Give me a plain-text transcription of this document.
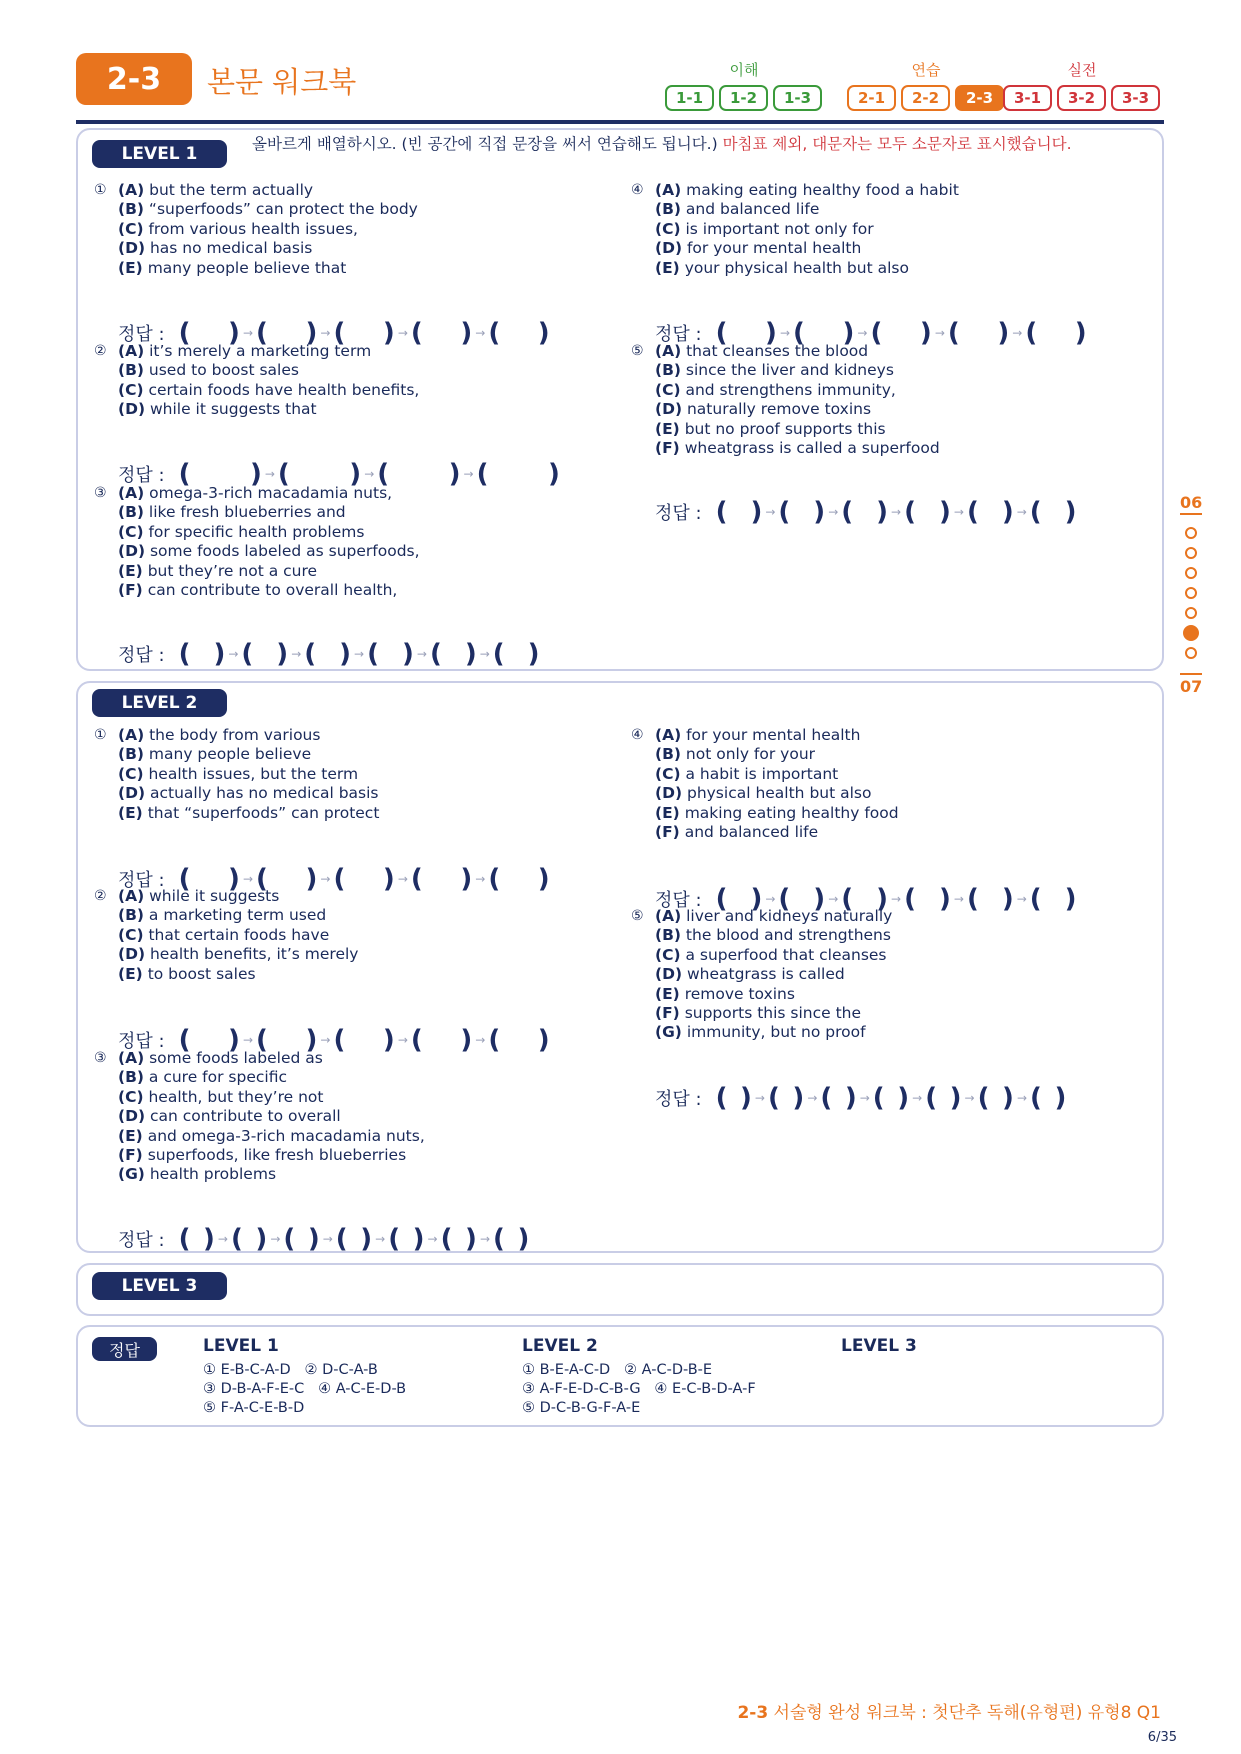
2-3	본문 워크북	이해
1-1	1-2	1-3
연습
2-1	2-2	2-3
실전
3-1	3-2	3-3
LEVEL 1	올바르게 배열하시오. (빈 공간에 직접 문장을 써서 연습해도 됩니다.) 마침표 제외, 대문자는 모두 소문자로 표시했습니다.
LEVEL 2
LEVEL 3
정답	LEVEL 1
① E-B-C-A-D   ② D-C-A-B
③ D-B-A-F-E-C   ④ A-C-E-D-B
⑤ F-A-C-E-B-D
LEVEL 2
① B-E-A-C-D   ② A-C-D-B-E
③ A-F-E-D-C-B-G   ④ E-C-B-D-A-F
⑤ D-C-B-G-F-A-E
LEVEL 3
① (A) but the term actually
(B) “superfoods” can protect the body
(C) from various health issues,
(D) has no medical basis
(E) many people believe that
정답 : ( ) → ( ) → ( ) → ( ) → ( )
② (A) it’s merely a marketing term
(B) used to boost sales
(C) certain foods have health benefits,
(D) while it suggests that
정답 : ( ) → ( ) → ( ) → ( )
③ (A) omega-3-rich macadamia nuts,
(B) like fresh blueberries and
(C) for specific health problems
(D) some foods labeled as superfoods,
(E) but they’re not a cure
(F) can contribute to overall health,
정답 : ( ) → ( ) → ( ) → ( ) → ( ) → ( )
④ (A) making eating healthy food a habit
(B) and balanced life
(C) is important not only for
(D) for your mental health
(E) your physical health but also
정답 : ( ) → ( ) → ( ) → ( ) → ( )
⑤ (A) that cleanses the blood
(B) since the liver and kidneys
(C) and strengthens immunity,
(D) naturally remove toxins
(E) but no proof supports this
(F) wheatgrass is called a superfood
정답 : ( ) → ( ) → ( ) → ( ) → ( ) → ( )
① (A) the body from various
(B) many people believe
(C) health issues, but the term
(D) actually has no medical basis
(E) that “superfoods” can protect
정답 : ( ) → ( ) → ( ) → ( ) → ( )
② (A) while it suggests
(B) a marketing term used
(C) that certain foods have
(D) health benefits, it’s merely
(E) to boost sales
정답 : ( ) → ( ) → ( ) → ( ) → ( )
③ (A) some foods labeled as
(B) a cure for specific
(C) health, but they’re not
(D) can contribute to overall
(E) and omega-3-rich macadamia nuts,
(F) superfoods, like fresh blueberries
(G) health problems
정답 : ( ) → ( ) → ( ) → ( ) → ( ) → ( ) → ( )
④ (A) for your mental health
(B) not only for your
(C) a habit is important
(D) physical health but also
(E) making eating healthy food
(F) and balanced life
정답 : ( ) → ( ) → ( ) → ( ) → ( ) → ( )
⑤ (A) liver and kidneys naturally
(B) the blood and strengthens
(C) a superfood that cleanses
(D) wheatgrass is called
(E) remove toxins
(F) supports this since the
(G) immunity, but no proof
정답 : ( ) → ( ) → ( ) → ( ) → ( ) → ( ) → ( )
06
07
2-3 서술형 완성 워크북 : 첫단추 독해(유형편) 유형8 Q1
6/35
